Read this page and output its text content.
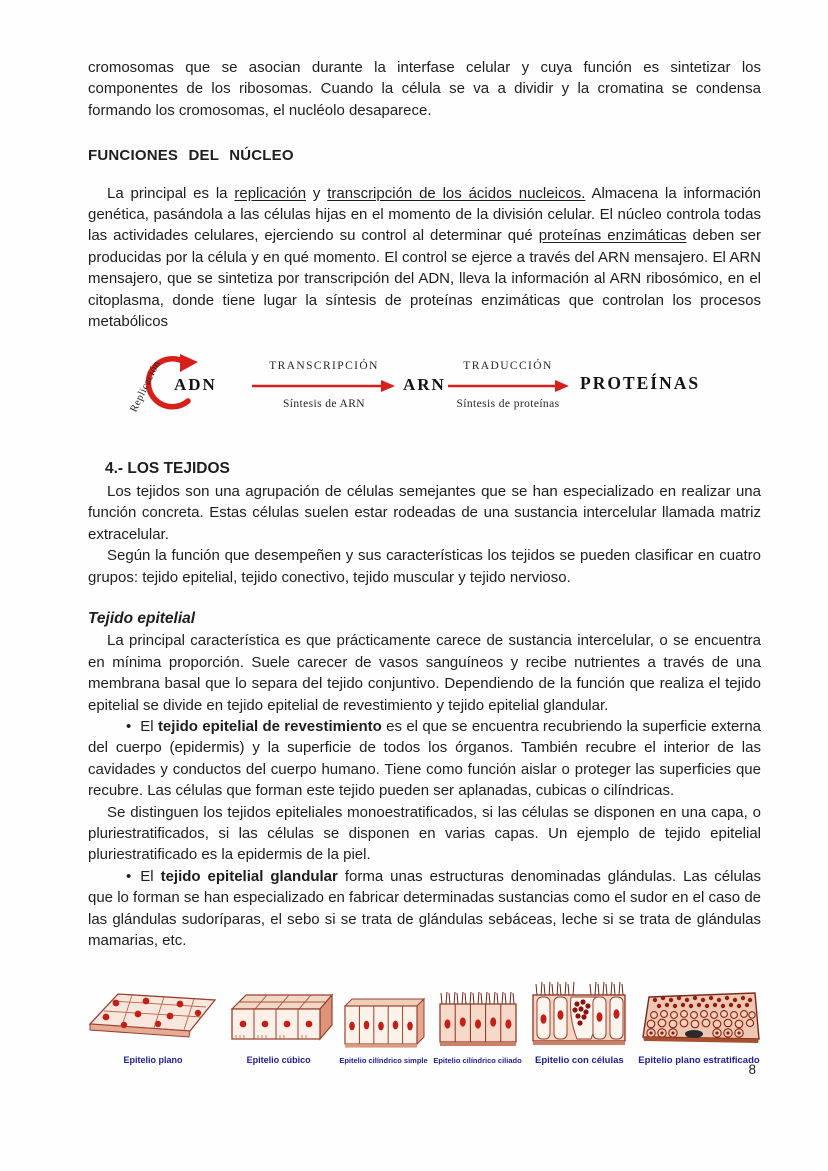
cromosomas que se asocian durante la interfase celular y cuya función es sintetizar los componentes de los ribosomas. Cuando la célula se va a dividir y la cromatina se condensa formando los cromosomas, el nucléolo desaparece.

FUNCIONES DEL NÚCLEO

La principal es la replicación y transcripción de los ácidos nucleicos. Almacena la información genética, pasándola a las células hijas en el momento de la división celular. El núcleo controla todas las actividades celulares, ejerciendo su control al determinar qué proteínas enzimáticas deben ser producidas por la célula y en qué momento. El control se ejerce a través del ARN mensajero. El ARN mensajero, que se sintetiza por transcripción del ADN, lleva la información al ARN ribosómico, en el citoplasma, donde tiene lugar la síntesis de proteínas enzimáticas que controlan los procesos metabólicos

Replicación ADN
TRANSCRIPCIÓN
Síntesis de ARN
ARN
TRADUCCIÓN
Síntesis de proteínas
PROTEÍNAS

4.- LOS TEJIDOS

Los tejidos son una agrupación de células semejantes que se han especializado en realizar una función concreta. Estas células suelen estar rodeadas de una sustancia intercelular llamada matriz extracelular.

Según la función que desempeñen y sus características los tejidos se pueden clasificar en cuatro grupos: tejido epitelial, tejido conectivo, tejido muscular y tejido nervioso.

Tejido epitelial

La principal característica es que prácticamente carece de sustancia intercelular, o se encuentra en mínima proporción. Suele carecer de vasos sanguíneos y recibe nutrientes a través de una membrana basal que lo separa del tejido conjuntivo. Dependiendo de la función que realiza el tejido epitelial se divide en tejido epitelial de revestimiento y tejido epitelial glandular.

• El tejido epitelial de revestimiento es el que se encuentra recubriendo la superficie externa del cuerpo (epidermis) y la superficie de todos los órganos. También recubre el interior de las cavidades y conductos del cuerpo humano. Tiene como función aislar o proteger las superficies que recubre. Las células que forman este tejido pueden ser aplanadas, cubicas o cilíndricas.

Se distinguen los tejidos epiteliales monoestratificados, si las células se disponen en una capa, o pluriestratificados, si las células se disponen en varias capas. Un ejemplo de tejido epitelial pluriestratificado es la epidermis de la piel.

• El tejido epitelial glandular forma unas estructuras denominadas glándulas. Las células que lo forman se han especializado en fabricar determinadas sustancias como el sudor en el caso de las glándulas sudoríparas, el sebo si se trata de glándulas sebáceas, leche si se trata de glándulas mamarias, etc.

Epitelio plano	Epitelio cúbico	Epitelio cilíndrico simple Epitelio cilíndrico ciliado Epitelio con células Epitelio plano estratificado
8
